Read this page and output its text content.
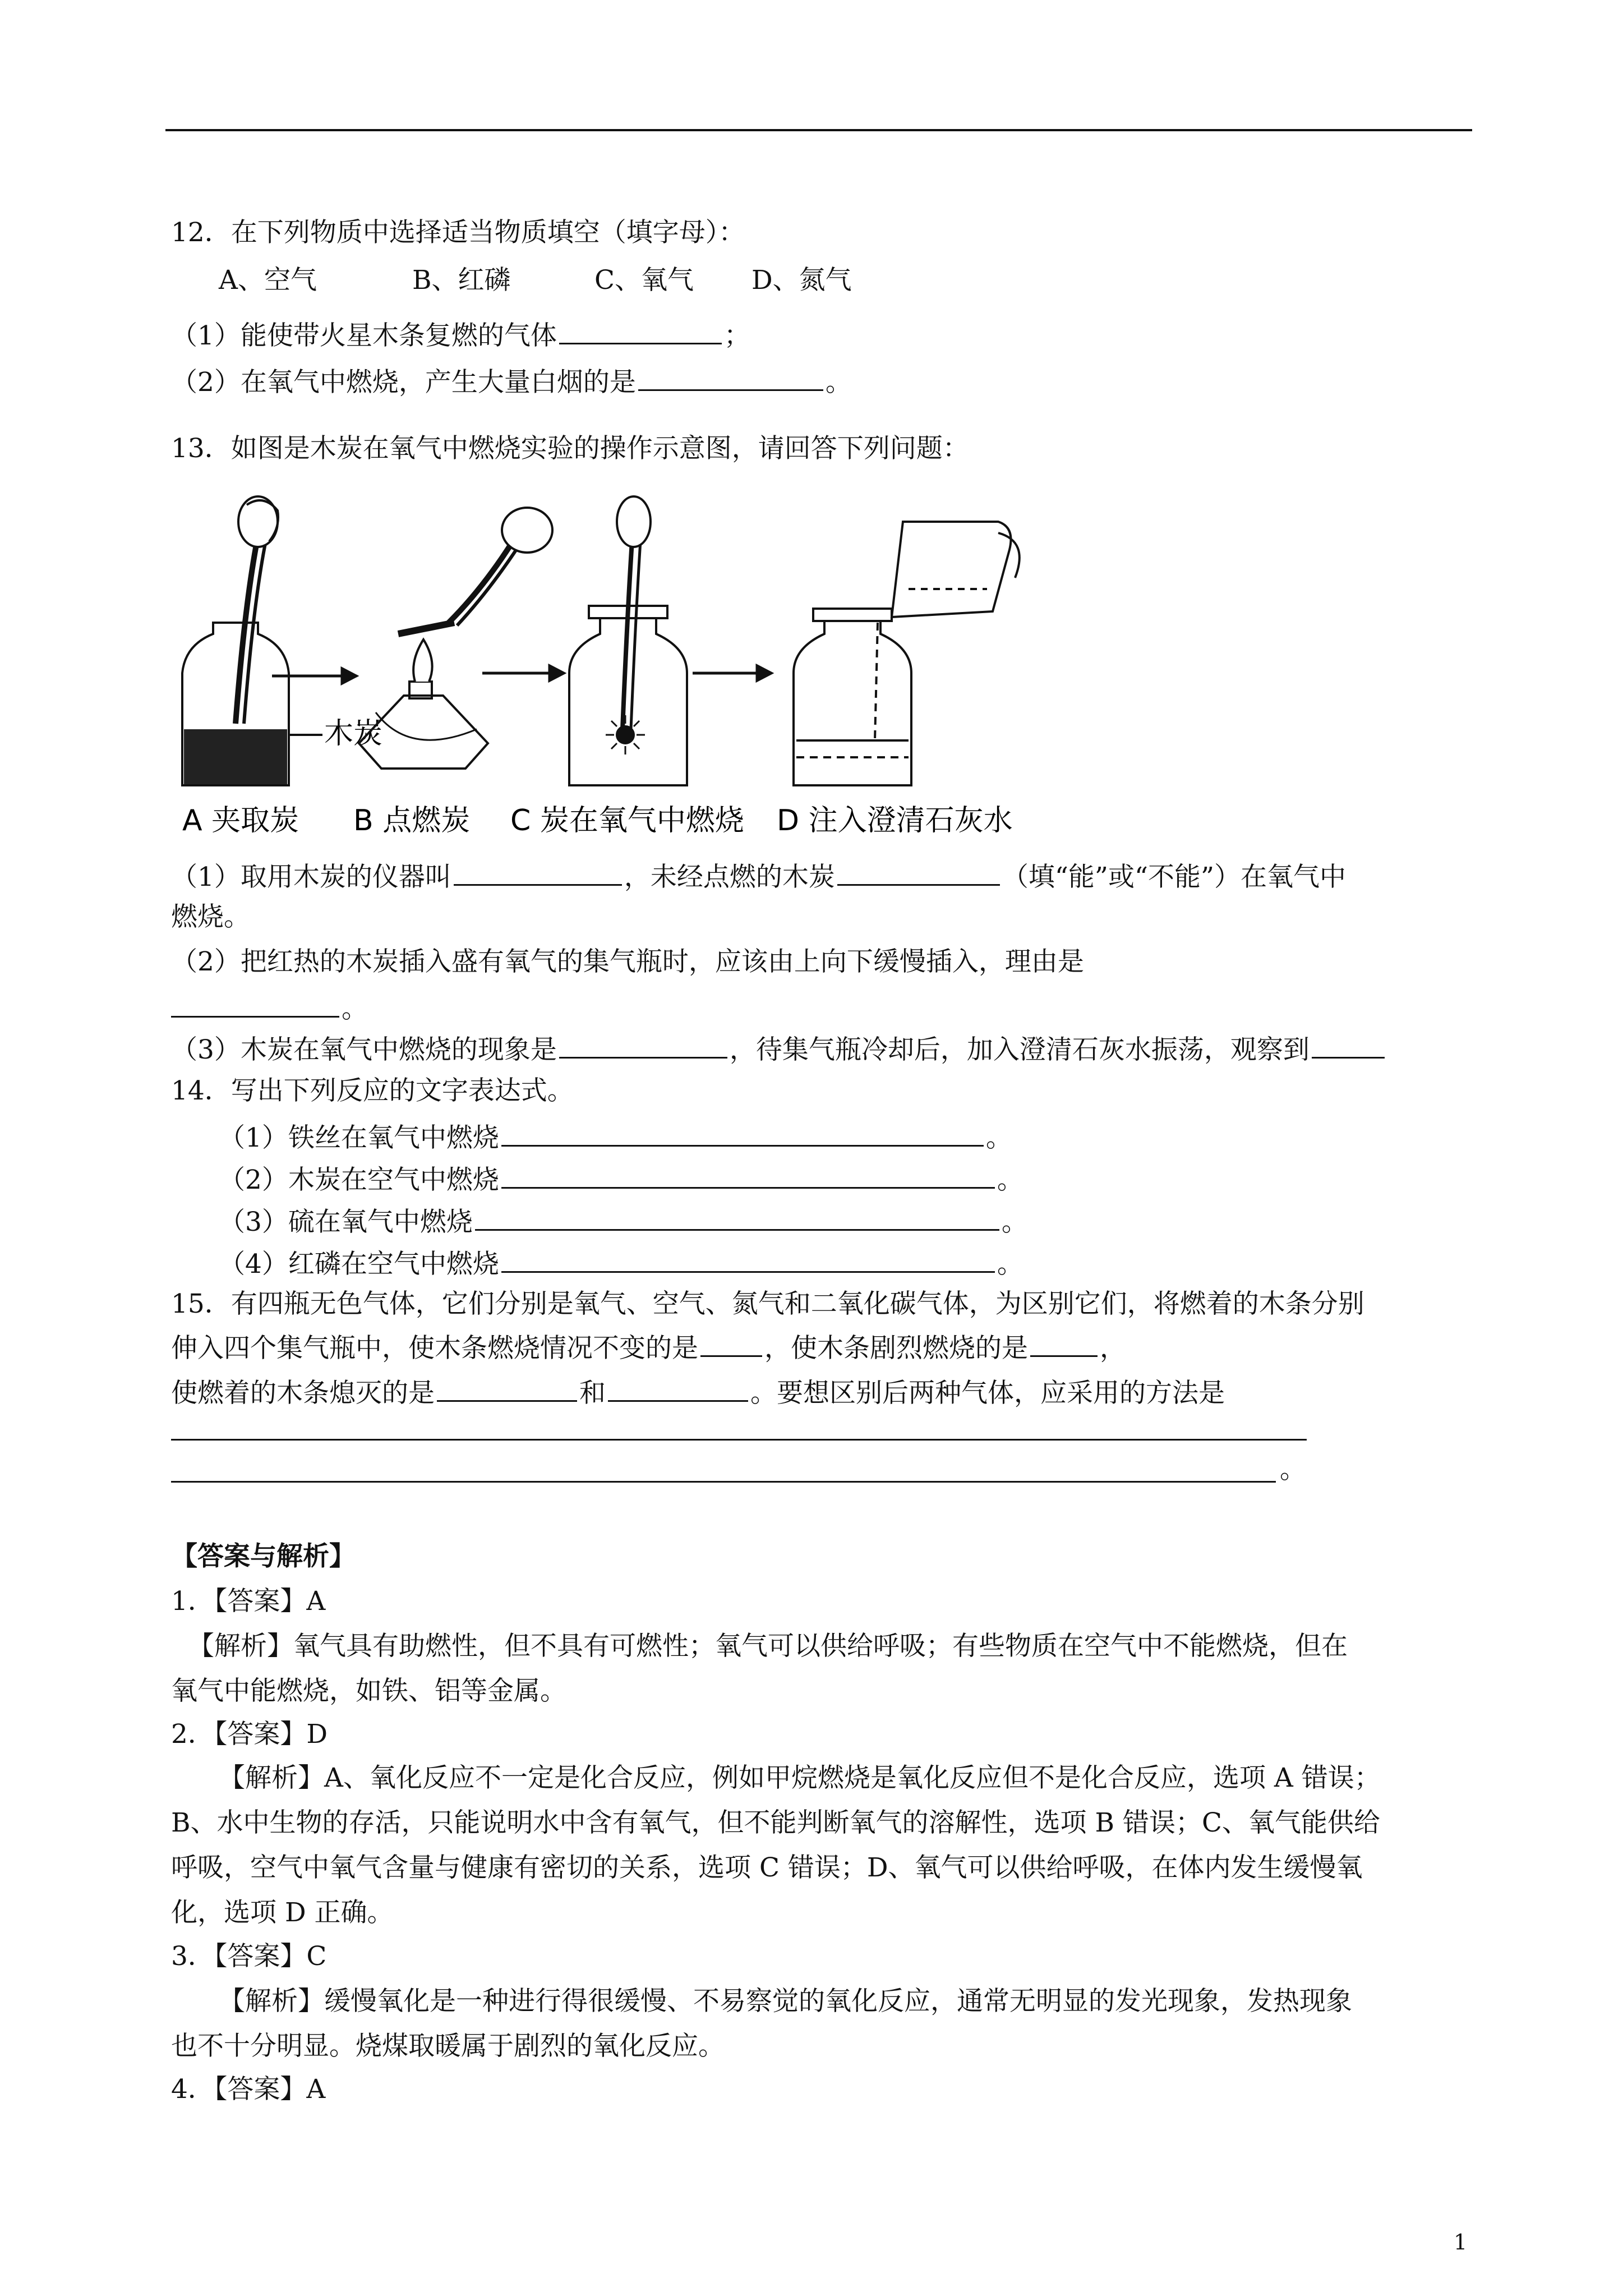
12．在下列物质中选择适当物质填空（填字母）：
A、空气	B、红磷	C、氧气 D、氮气
（1）能使带火星木条复燃的气体	；
（2）在氧气中燃烧，产生大量白烟的是	。
13．如图是木炭在氧气中燃烧实验的操作示意图，请回答下列问题：
木炭
A 夹取炭 B 点燃炭 C 炭在氧气中燃烧 D 注入澄清石灰水
（1）取用木炭的仪器叫	，未经点燃的木炭	（填“能”或“不能”）在氧气中
燃烧。
（2）把红热的木炭插入盛有氧气的集气瓶时，应该由上向下缓慢插入，理由是
。
（3）木炭在氧气中燃烧的现象是	，待集气瓶冷却后，加入澄清石灰水振荡，观察到
14．写出下列反应的文字表达式。
（1）铁丝在氧气中燃烧	。
（2）木炭在空气中燃烧	。
（3）硫在氧气中燃烧	。
（4）红磷在空气中燃烧	。
15．有四瓶无色气体，它们分别是氧气、空气、氮气和二氧化碳气体，为区别它们，将燃着的木条分别
伸入四个集气瓶中，使木条燃烧情况不变的是	，使木条剧烈燃烧的是	，
使燃着的木条熄灭的是	和	。要想区别后两种气体，应采用的方法是
。
【答案与解析】
1．【答案】A
【解析】氧气具有助燃性，但不具有可燃性；氧气可以供给呼吸；有些物质在空气中不能燃烧，但在
氧气中能燃烧，如铁、铝等金属。
2．【答案】D
【解析】A、氧化反应不一定是化合反应，例如甲烷燃烧是氧化反应但不是化合反应，选项 A 错误；
B、水中生物的存活，只能说明水中含有氧气，但不能判断氧气的溶解性，选项 B 错误；C、氧气能供给
呼吸，空气中氧气含量与健康有密切的关系，选项 C 错误；D、氧气可以供给呼吸，在体内发生缓慢氧
化，选项 D 正确。
3．【答案】C
【解析】缓慢氧化是一种进行得很缓慢、不易察觉的氧化反应，通常无明显的发光现象，发热现象
也不十分明显。烧煤取暖属于剧烈的氧化反应。
4．【答案】A
1
